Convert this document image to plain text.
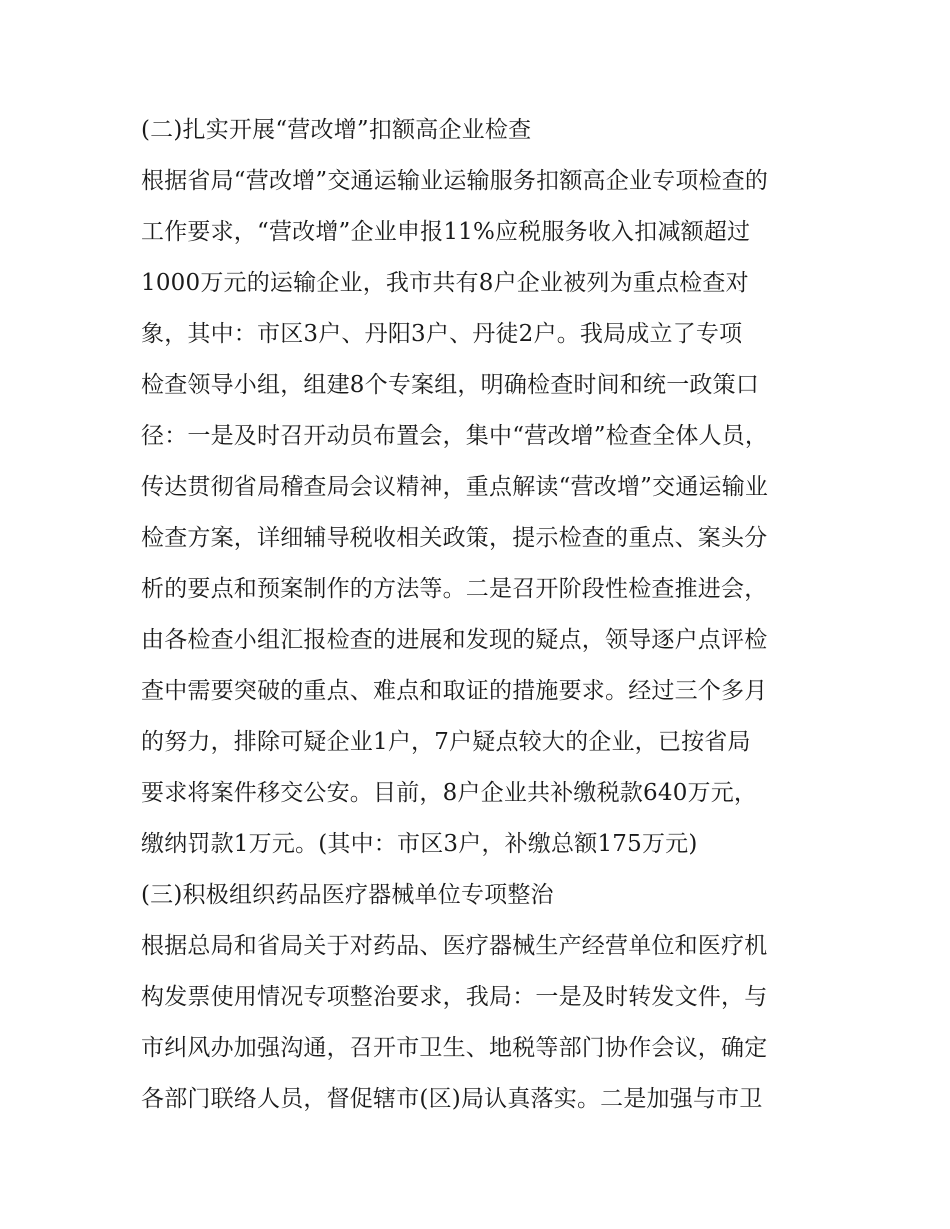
(二)扎实开展“营改增”扣额高企业检查
根据省局“营改增”交通运输业运输服务扣额高企业专项检查的
工作要求，“营改增”企业申报11%应税服务收入扣减额超过
1000万元的运输企业，我市共有8户企业被列为重点检查对
象，其中：市区3户、丹阳3户、丹徒2户。我局成立了专项
检查领导小组，组建8个专案组，明确检查时间和统一政策口
径：一是及时召开动员布置会，集中“营改增”检查全体人员，
传达贯彻省局稽查局会议精神，重点解读“营改增”交通运输业
检查方案，详细辅导税收相关政策，提示检查的重点、案头分
析的要点和预案制作的方法等。二是召开阶段性检查推进会，
由各检查小组汇报检查的进展和发现的疑点，领导逐户点评检
查中需要突破的重点、难点和取证的措施要求。经过三个多月
的努力，排除可疑企业1户，7户疑点较大的企业，已按省局
要求将案件移交公安。目前，8户企业共补缴税款640万元，
缴纳罚款1万元。(其中：市区3户，补缴总额175万元)
(三)积极组织药品医疗器械单位专项整治
根据总局和省局关于对药品、医疗器械生产经营单位和医疗机
构发票使用情况专项整治要求，我局：一是及时转发文件，与
市纠风办加强沟通，召开市卫生、地税等部门协作会议，确定
各部门联络人员，督促辖市(区)局认真落实。二是加强与市卫
